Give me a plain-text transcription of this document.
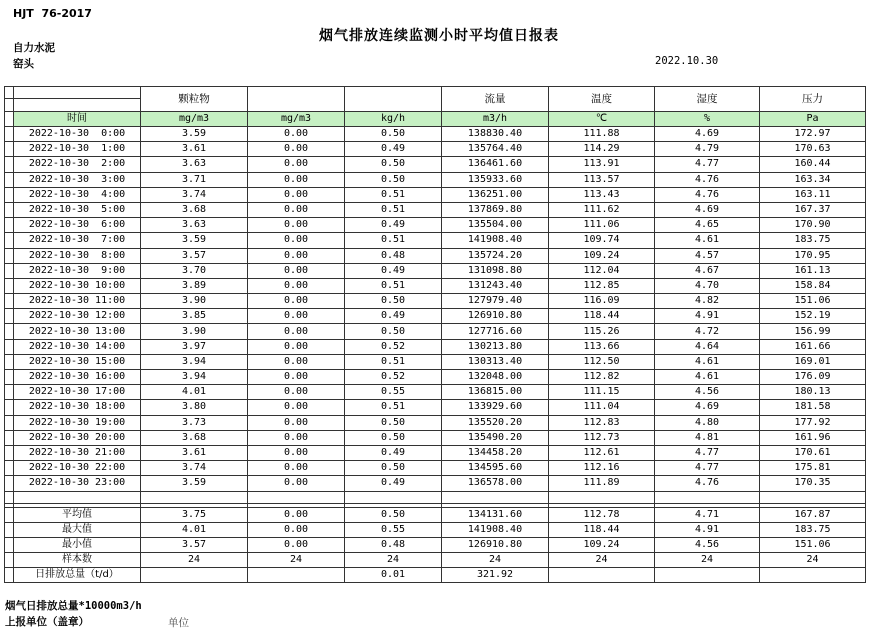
HJT  76-2017
烟气排放连续监测小时平均值日报表
自力水泥
窑头	2022.10.30
		颗粒物			流量	温度	湿度	压力

	时间	mg/m3	mg/m3	kg/h	m3/h	℃	%	Pa
	2022-10-30  0:00	3.59	0.00	0.50	138830.40	111.88	4.69	172.97
	2022-10-30  1:00	3.61	0.00	0.49	135764.40	114.29	4.79	170.63
	2022-10-30  2:00	3.63	0.00	0.50	136461.60	113.91	4.77	160.44
	2022-10-30  3:00	3.71	0.00	0.50	135933.60	113.57	4.76	163.34
	2022-10-30  4:00	3.74	0.00	0.51	136251.00	113.43	4.76	163.11
	2022-10-30  5:00	3.68	0.00	0.51	137869.80	111.62	4.69	167.37
	2022-10-30  6:00	3.63	0.00	0.49	135504.00	111.06	4.65	170.90
	2022-10-30  7:00	3.59	0.00	0.51	141908.40	109.74	4.61	183.75
	2022-10-30  8:00	3.57	0.00	0.48	135724.20	109.24	4.57	170.95
	2022-10-30  9:00	3.70	0.00	0.49	131098.80	112.04	4.67	161.13
	2022-10-30 10:00	3.89	0.00	0.51	131243.40	112.85	4.70	158.84
	2022-10-30 11:00	3.90	0.00	0.50	127979.40	116.09	4.82	151.06
	2022-10-30 12:00	3.85	0.00	0.49	126910.80	118.44	4.91	152.19
	2022-10-30 13:00	3.90	0.00	0.50	127716.60	115.26	4.72	156.99
	2022-10-30 14:00	3.97	0.00	0.52	130213.80	113.66	4.64	161.66
	2022-10-30 15:00	3.94	0.00	0.51	130313.40	112.50	4.61	169.01
	2022-10-30 16:00	3.94	0.00	0.52	132048.00	112.82	4.61	176.09
	2022-10-30 17:00	4.01	0.00	0.55	136815.00	111.15	4.56	180.13
	2022-10-30 18:00	3.80	0.00	0.51	133929.60	111.04	4.69	181.58
	2022-10-30 19:00	3.73	0.00	0.50	135520.20	112.83	4.80	177.92
	2022-10-30 20:00	3.68	0.00	0.50	135490.20	112.73	4.81	161.96
	2022-10-30 21:00	3.61	0.00	0.49	134458.20	112.61	4.77	170.61
	2022-10-30 22:00	3.74	0.00	0.50	134595.60	112.16	4.77	175.81
	2022-10-30 23:00	3.59	0.00	0.49	136578.00	111.89	4.76	170.35

	平均值	3.75	0.00	0.50	134131.60	112.78	4.71	167.87
	最大值	4.01	0.00	0.55	141908.40	118.44	4.91	183.75
	最小值	3.57	0.00	0.48	126910.80	109.24	4.56	151.06
	样本数	24	24	24	24	24	24	24
	日排放总量（t/d）			0.01	321.92			
烟气日排放总量*10000m3/h
上报单位（盖章）	单位
